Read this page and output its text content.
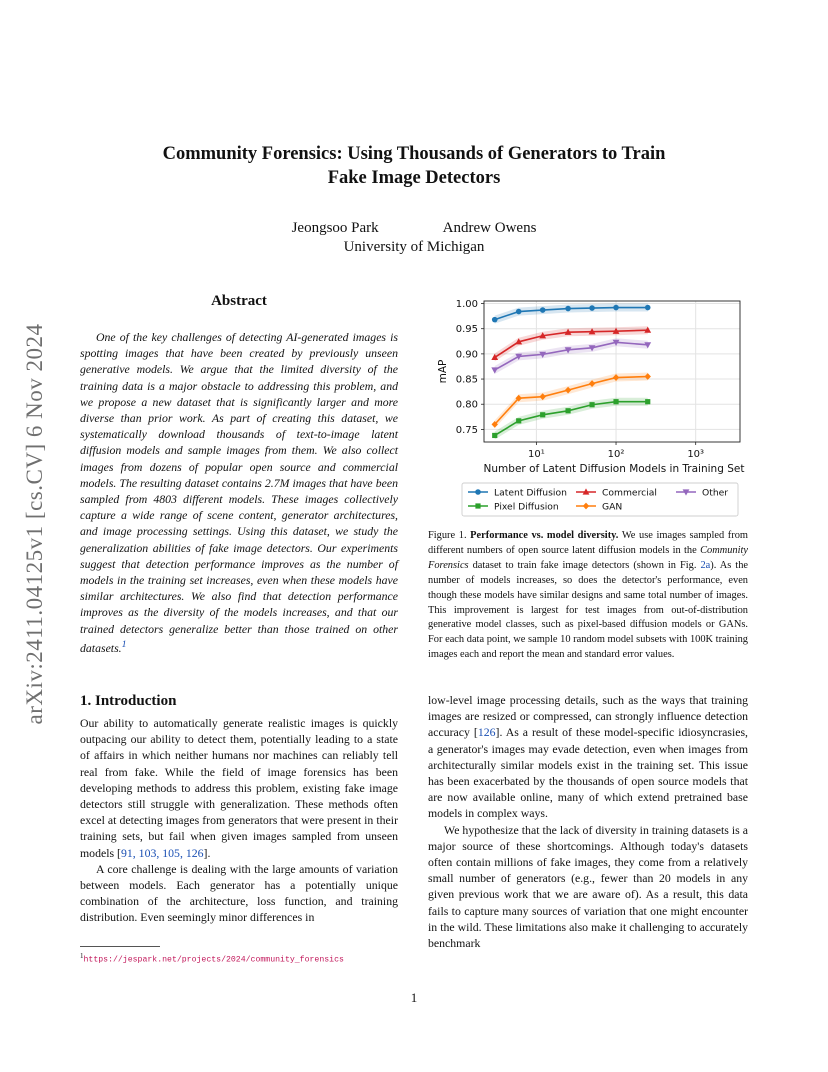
arXiv:2411.04125v1 [cs.CV] 6 Nov 2024
Community Forensics: Using Thousands of Generators to Train
Fake Image Detectors
Jeongsoo Park	Andrew Owens
University of Michigan
Abstract
One of the key challenges of detecting AI-generated images is spotting images that have been created by previously unseen generative models. We argue that the limited diversity of the training data is a major obstacle to addressing this problem, and we propose a new dataset that is significantly larger and more diverse than prior work. As part of creating this dataset, we systematically download thousands of text-to-image latent diffusion models and sample images from them. We also collect images from dozens of popular open source and commercial models. The resulting dataset contains 2.7M images that have been sampled from 4803 different models. These images collectively capture a wide range of scene content, generator architectures, and image processing settings. Using this dataset, we study the generalization abilities of fake image detectors. Our experiments suggest that detection performance improves as the number of models in the training set increases, even when these models have similar architectures. We also find that detection performance improves as the diversity of the models increases, and that our trained detectors generalize better than those trained on other datasets.$^1$
1. Introduction

Our ability to automatically generate realistic images is quickly outpacing our ability to detect them, potentially leading to a state of affairs in which neither humans nor machines can reliably tell real from fake. While the field of image forensics has been developing methods to address this problem, existing fake image detectors still struggle with generalization. These methods often excel at detecting images from generators that were present in their training sets, but fail when given images sampled from unseen models [91, 103, 105, 126].

A core challenge is dealing with the large amounts of variation between models. Each generator has a potentially unique combination of the architecture, loss function, and training distribution. Even seemingly minor differences in

$^1$https://jespark.net/projects/2024/community_forensics
0.75
0.80
0.85
0.90
0.95
1.00
10¹	10²	10³
mAP
Number of Latent Diffusion Models in Training Set
Latent Diffusion	Commercial	Other
Pixel Diffusion	GAN
Figure 1. Performance vs. model diversity. We use images sampled from different numbers of open source latent diffusion models in the Community Forensics dataset to train fake image detectors (shown in Fig. 2a). As the number of models increases, so does the detector's performance, even though these models have similar designs and same total number of images. This improvement is largest for test images from out-of-distribution generative model classes, such as pixel-based diffusion models or GANs. For each data point, we sample 10 random model subsets with 100K training images each and report the mean and standard error values.

low-level image processing details, such as the ways that training images are resized or compressed, can strongly influence detection accuracy [126]. As a result of these model-specific idiosyncrasies, a generator's images may evade detection, even when images from architecturally similar models exist in the training set. This issue has been exacerbated by the thousands of open source models that are now available online, many of which extend pretrained base models in complex ways.

We hypothesize that the lack of diversity in training datasets is a major source of these shortcomings. Although today's datasets often contain millions of fake images, they come from a relatively small number of generators (e.g., fewer than 20 models in any given previous work that we are aware of). As a result, this data fails to capture many sources of variation that one might encounter in the wild. These limitations also make it challenging to accurately benchmark

1
